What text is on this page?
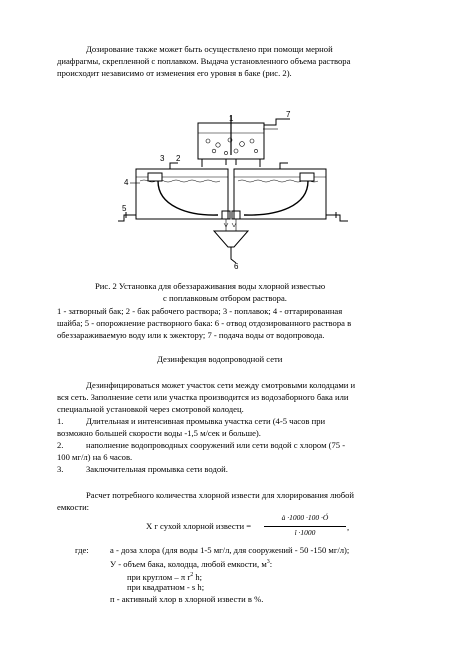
Дозирование также может быть осуществлено при помощи мерной
диафрагмы, скрепленной с поплавком. Выдача установленного объема раствора
происходит независимо от изменения его уровня в баке (рис. 2).
1
2
3
4
5
6
7
Рис. 2 Установка для обеззараживания воды хлорной известью
с поплавковым отбором раствора.
1 - затворный бак; 2 - бак рабочего раствора; 3 - поплавок; 4 - оттарированная
шайба; 5 - опорожнение растворного бака: 6 - отвод отдозированного раствора в
обеззараживаемую воду или к эжектору; 7 - подача воды от водопровода.
Дезинфекция водопроводной сети
Дезинфицироваться может участок сети между смотровыми колодцами и
вся сеть. Заполнение сети или участка производится из водозаборного бака или
специальной установкой через смотровой колодец.
1.	Длительная и интенсивная промывка участка сети (4-5 часов при
возможно большей скорости воды -1,5 м/сек и больше).
2.	наполнение водопроводных сооружений или сети водой с хлором (75 -
100 мг/л) на 6 часов.
3.	Заключительная промывка сети водой.
Расчет потребного количества хлорной извести для хлорирования любой
емкости:
X г сухой хлорной извести =
à ·1000 ·100 ·Ó
ï ·1000
,
где: а - доза хлора (для воды 1-5 мг/л, для сооружений - 50 -150 мг/л);
У - объем бака, колодца, любой емкости, $м^3$:
при круглом – π $r^2$ h;
при квадратном - s h;
п - активный хлор в хлорной извести в %.
